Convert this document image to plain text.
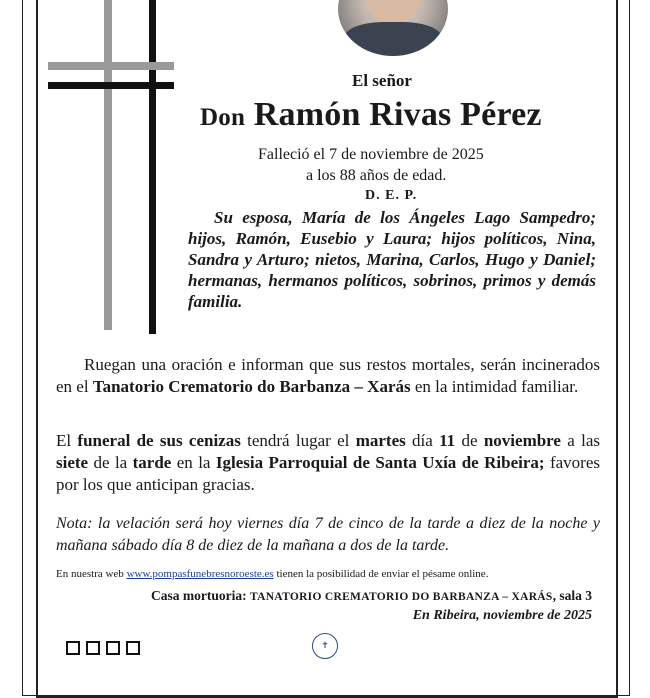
El señor
Don Ramón Rivas Pérez
Falleció el 7 de noviembre de 2025
a los 88 años de edad.
D. E. P.
Su esposa, María de los Ángeles Lago Sampedro; hijos, Ramón, Eusebio y Laura; hijos políticos, Nina, Sandra y Arturo; nietos, Marina, Carlos, Hugo y Daniel; hermanas, hermanos políticos, sobrinos, primos y demás familia.
Ruegan una oración e informan que sus restos mortales, serán incinerados en el Tanatorio Crematorio do Barbanza – Xarás en la intimidad familiar.
El funeral de sus cenizas tendrá lugar el martes día 11 de noviembre a las siete de la tarde en la Iglesia Parroquial de Santa Uxía de Ribeira; favores por los que anticipan gracias.
Nota: la velación será hoy viernes día 7 de cinco de la tarde a diez de la noche y mañana sábado día 8 de diez de la mañana a dos de la tarde.
En nuestra web www.pompasfunebresnoroeste.es tienen la posibilidad de enviar el pésame online.
Casa mortuoria: TANATORIO CREMATORIO DO BARBANZA – XARÁS, sala 3
En Ribeira, noviembre de 2025
✝
